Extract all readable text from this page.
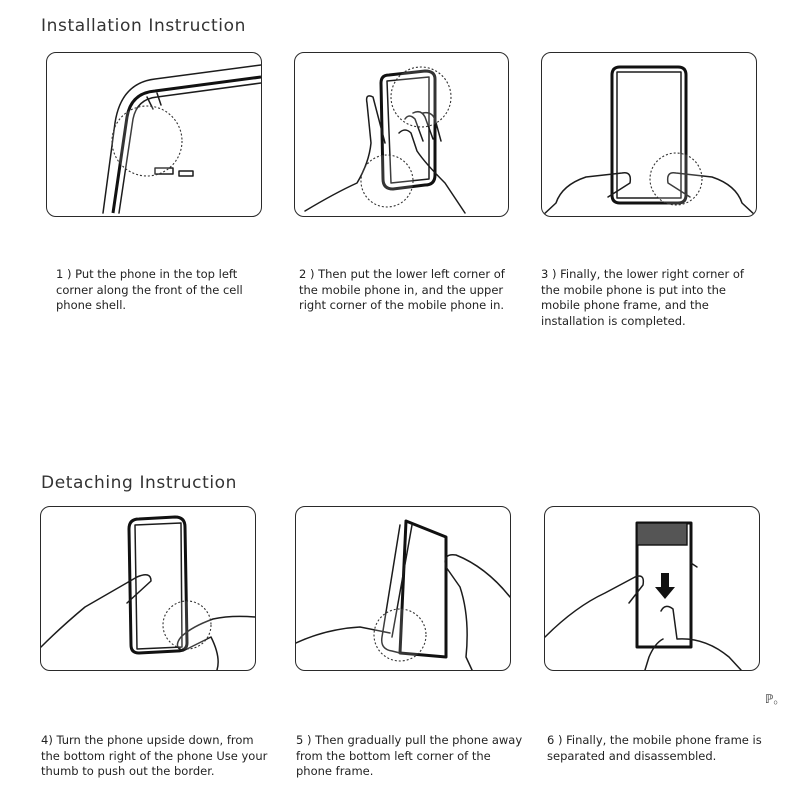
Installation Instruction
1 ) Put the phone in the top left corner along the front of the cell phone shell.
2 ) Then put the lower left corner of the mobile phone in, and the upper right corner of the mobile phone in.
3 ) Finally, the lower right corner of the mobile phone is put into the mobile phone frame, and the installation is completed.
Detaching Instruction
4) Turn the phone upside down, from the bottom right of the phone Use your thumb to push out the border.
5 ) Then gradually pull the phone away from the bottom left corner of the phone frame.
6 ) Finally, the mobile phone frame is separated and disassembled.
ℙ。
